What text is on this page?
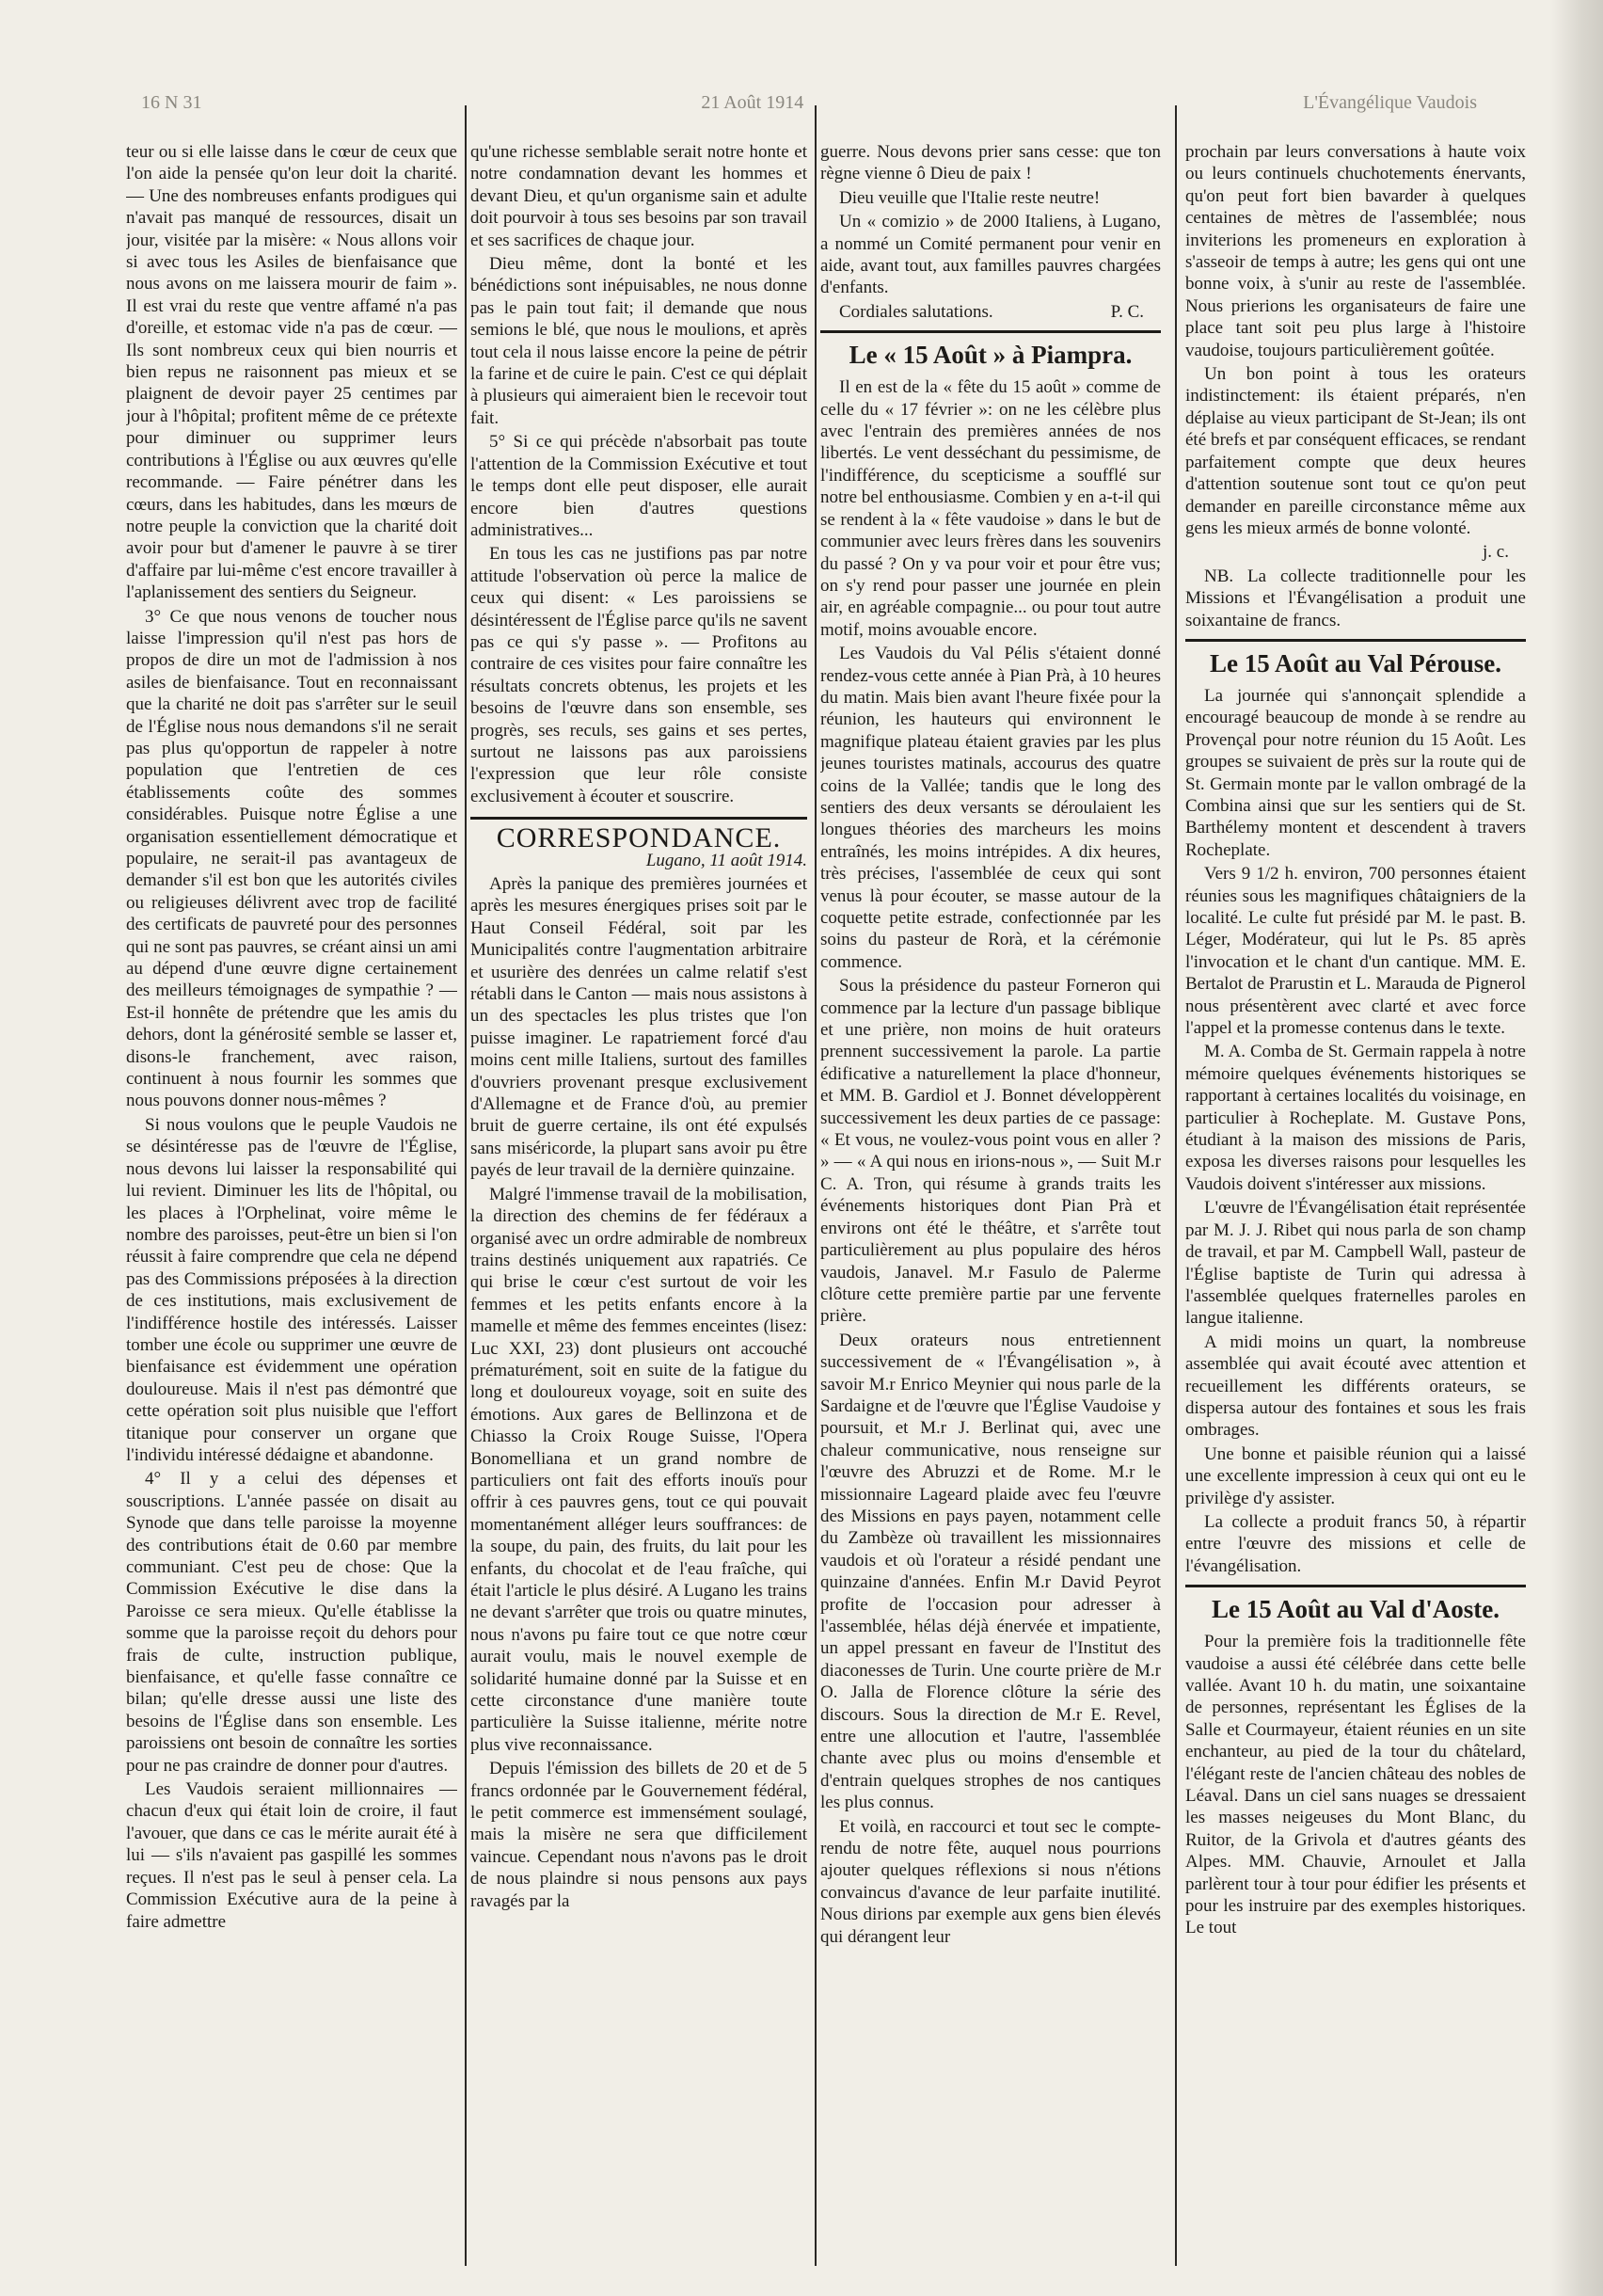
16 N 31	21 Août 1914	L'Évangélique Vaudois

teur ou si elle laisse dans le cœur de ceux que l'on aide la pensée qu'on leur doit la charité. — Une des nombreuses enfants prodigues qui n'avait pas manqué de ressources, disait un jour, visitée par la misère: « Nous allons voir si avec tous les Asiles de bienfaisance que nous avons on me laissera mourir de faim ». Il est vrai du reste que ventre affamé n'a pas d'oreille, et estomac vide n'a pas de cœur. — Ils sont nombreux ceux qui bien nourris et bien repus ne raisonnent pas mieux et se plaignent de devoir payer 25 centimes par jour à l'hôpital; profitent même de ce prétexte pour diminuer ou supprimer leurs contributions à l'Église ou aux œuvres qu'elle recommande. — Faire pénétrer dans les cœurs, dans les habitudes, dans les mœurs de notre peuple la conviction que la charité doit avoir pour but d'amener le pauvre à se tirer d'affaire par lui-même c'est encore travailler à l'aplanissement des sentiers du Seigneur.

3° Ce que nous venons de toucher nous laisse l'impression qu'il n'est pas hors de propos de dire un mot de l'admission à nos asiles de bienfaisance. Tout en reconnaissant que la charité ne doit pas s'arrêter sur le seuil de l'Église nous nous demandons s'il ne serait pas plus qu'opportun de rappeler à notre population que l'entretien de ces établissements coûte des sommes considérables. Puisque notre Église a une organisation essentiellement démocratique et populaire, ne serait-il pas avantageux de demander s'il est bon que les autorités civiles ou religieuses délivrent avec trop de facilité des certificats de pauvreté pour des personnes qui ne sont pas pauvres, se créant ainsi un ami au dépend d'une œuvre digne certainement des meilleurs témoignages de sympathie ? — Est-il honnête de prétendre que les amis du dehors, dont la générosité semble se lasser et, disons-le franchement, avec raison, continuent à nous fournir les sommes que nous pouvons donner nous-mêmes ?

Si nous voulons que le peuple Vaudois ne se désintéresse pas de l'œuvre de l'Église, nous devons lui laisser la responsabilité qui lui revient. Diminuer les lits de l'hôpital, ou les places à l'Orphelinat, voire même le nombre des paroisses, peut-être un bien si l'on réussit à faire comprendre que cela ne dépend pas des Commissions préposées à la direction de ces institutions, mais exclusivement de l'indifférence hostile des intéressés. Laisser tomber une école ou supprimer une œuvre de bienfaisance est évidemment une opération douloureuse. Mais il n'est pas démontré que cette opération soit plus nuisible que l'effort titanique pour conserver un organe que l'individu intéressé dédaigne et abandonne.

4° Il y a celui des dépenses et souscriptions. L'année passée on disait au Synode que dans telle paroisse la moyenne des contributions était de 0.60 par membre communiant. C'est peu de chose: Que la Commission Exécutive le dise dans la Paroisse ce sera mieux. Qu'elle établisse la somme que la paroisse reçoit du dehors pour frais de culte, instruction publique, bienfaisance, et qu'elle fasse connaître ce bilan; qu'elle dresse aussi une liste des besoins de l'Église dans son ensemble. Les paroissiens ont besoin de connaître les sorties pour ne pas craindre de donner pour d'autres.

Les Vaudois seraient millionnaires — chacun d'eux qui était loin de croire, il faut l'avouer, que dans ce cas le mérite aurait été à lui — s'ils n'avaient pas gaspillé les sommes reçues. Il n'est pas le seul à penser cela. La Commission Exécutive aura de la peine à faire admettre

qu'une richesse semblable serait notre honte et notre condamnation devant les hommes et devant Dieu, et qu'un organisme sain et adulte doit pourvoir à tous ses besoins par son travail et ses sacrifices de chaque jour.

Dieu même, dont la bonté et les bénédictions sont inépuisables, ne nous donne pas le pain tout fait; il demande que nous semions le blé, que nous le moulions, et après tout cela il nous laisse encore la peine de pétrir la farine et de cuire le pain. C'est ce qui déplait à plusieurs qui aimeraient bien le recevoir tout fait.

5° Si ce qui précède n'absorbait pas toute l'attention de la Commission Exécutive et tout le temps dont elle peut disposer, elle aurait encore bien d'autres questions administratives...

En tous les cas ne justifions pas par notre attitude l'observation où perce la malice de ceux qui disent: « Les paroissiens se désintéressent de l'Église parce qu'ils ne savent pas ce qui s'y passe ». — Profitons au contraire de ces visites pour faire connaître les résultats concrets obtenus, les projets et les besoins de l'œuvre dans son ensemble, ses progrès, ses reculs, ses gains et ses pertes, surtout ne laissons pas aux paroissiens l'expression que leur rôle consiste exclusivement à écouter et souscrire.

CORRESPONDANCE.

Lugano, 11 août 1914.

Après la panique des premières journées et après les mesures énergiques prises soit par le Haut Conseil Fédéral, soit par les Municipalités contre l'augmentation arbitraire et usurière des denrées un calme relatif s'est rétabli dans le Canton — mais nous assistons à un des spectacles les plus tristes que l'on puisse imaginer. Le rapatriement forcé d'au moins cent mille Italiens, surtout des familles d'ouvriers provenant presque exclusivement d'Allemagne et de France d'où, au premier bruit de guerre certaine, ils ont été expulsés sans miséricorde, la plupart sans avoir pu être payés de leur travail de la dernière quinzaine.

Malgré l'immense travail de la mobilisation, la direction des chemins de fer fédéraux a organisé avec un ordre admirable de nombreux trains destinés uniquement aux rapatriés. Ce qui brise le cœur c'est surtout de voir les femmes et les petits enfants encore à la mamelle et même des femmes enceintes (lisez: Luc XXI, 23) dont plusieurs ont accouché prématurément, soit en suite de la fatigue du long et douloureux voyage, soit en suite des émotions. Aux gares de Bellinzona et de Chiasso la Croix Rouge Suisse, l'Opera Bonomelliana et un grand nombre de particuliers ont fait des efforts inouïs pour offrir à ces pauvres gens, tout ce qui pouvait momentanément alléger leurs souffrances: de la soupe, du pain, des fruits, du lait pour les enfants, du chocolat et de l'eau fraîche, qui était l'article le plus désiré. A Lugano les trains ne devant s'arrêter que trois ou quatre minutes, nous n'avons pu faire tout ce que notre cœur aurait voulu, mais le nouvel exemple de solidarité humaine donné par la Suisse et en cette circonstance d'une manière toute particulière la Suisse italienne, mérite notre plus vive reconnaissance.

Depuis l'émission des billets de 20 et de 5 francs ordonnée par le Gouvernement fédéral, le petit commerce est immensément soulagé, mais la misère ne sera que difficilement vaincue. Cependant nous n'avons pas le droit de nous plaindre si nous pensons aux pays ravagés par la

guerre. Nous devons prier sans cesse: que ton règne vienne ô Dieu de paix !

Dieu veuille que l'Italie reste neutre!

Un « comizio » de 2000 Italiens, à Lugano, a nommé un Comité permanent pour venir en aide, avant tout, aux familles pauvres chargées d'enfants.

Cordiales salutations.	P. C.

Le « 15 Août » à Piampra.

Il en est de la « fête du 15 août » comme de celle du « 17 février »: on ne les célèbre plus avec l'entrain des premières années de nos libertés. Le vent desséchant du pessimisme, de l'indifférence, du scepticisme a soufflé sur notre bel enthousiasme. Combien y en a-t-il qui se rendent à la « fête vaudoise » dans le but de communier avec leurs frères dans les souvenirs du passé ? On y va pour voir et pour être vus; on s'y rend pour passer une journée en plein air, en agréable compagnie... ou pour tout autre motif, moins avouable encore.

Les Vaudois du Val Pélis s'étaient donné rendez-vous cette année à Pian Prà, à 10 heures du matin. Mais bien avant l'heure fixée pour la réunion, les hauteurs qui environnent le magnifique plateau étaient gravies par les plus jeunes touristes matinals, accourus des quatre coins de la Vallée; tandis que le long des sentiers des deux versants se déroulaient les longues théories des marcheurs les moins entraînés, les moins intrépides. A dix heures, très précises, l'assemblée de ceux qui sont venus là pour écouter, se masse autour de la coquette petite estrade, confectionnée par les soins du pasteur de Rorà, et la cérémonie commence.

Sous la présidence du pasteur Forneron qui commence par la lecture d'un passage biblique et une prière, non moins de huit orateurs prennent successivement la parole. La partie édificative a naturellement la place d'honneur, et MM. B. Gardiol et J. Bonnet développèrent successivement les deux parties de ce passage: « Et vous, ne voulez-vous point vous en aller ? » — « A qui nous en irions-nous », — Suit M.r C. A. Tron, qui résume à grands traits les événements historiques dont Pian Prà et environs ont été le théâtre, et s'arrête tout particulièrement au plus populaire des héros vaudois, Janavel. M.r Fasulo de Palerme clôture cette première partie par une fervente prière.

Deux orateurs nous entretiennent successivement de « l'Évangélisation », à savoir M.r Enrico Meynier qui nous parle de la Sardaigne et de l'œuvre que l'Église Vaudoise y poursuit, et M.r J. Berlinat qui, avec une chaleur communicative, nous renseigne sur l'œuvre des Abruzzi et de Rome. M.r le missionnaire Lageard plaide avec feu l'œuvre des Missions en pays payen, notamment celle du Zambèze où travaillent les missionnaires vaudois et où l'orateur a résidé pendant une quinzaine d'années. Enfin M.r David Peyrot profite de l'occasion pour adresser à l'assemblée, hélas déjà énervée et impatiente, un appel pressant en faveur de l'Institut des diaconesses de Turin. Une courte prière de M.r O. Jalla de Florence clôture la série des discours. Sous la direction de M.r E. Revel, entre une allocution et l'autre, l'assemblée chante avec plus ou moins d'ensemble et d'entrain quelques strophes de nos cantiques les plus connus.

Et voilà, en raccourci et tout sec le compte-rendu de notre fête, auquel nous pourrions ajouter quelques réflexions si nous n'étions convaincus d'avance de leur parfaite inutilité. Nous dirions par exemple aux gens bien élevés qui dérangent leur

prochain par leurs conversations à haute voix ou leurs continuels chuchotements énervants, qu'on peut fort bien bavarder à quelques centaines de mètres de l'assemblée; nous inviterions les promeneurs en exploration à s'asseoir de temps à autre; les gens qui ont une bonne voix, à s'unir au reste de l'assemblée. Nous prierions les organisateurs de faire une place tant soit peu plus large à l'histoire vaudoise, toujours particulièrement goûtée.

Un bon point à tous les orateurs indistinctement: ils étaient préparés, n'en déplaise au vieux participant de St-Jean; ils ont été brefs et par conséquent efficaces, se rendant parfaitement compte que deux heures d'attention soutenue sont tout ce qu'on peut demander en pareille circonstance même aux gens les mieux armés de bonne volonté.

j. c.

NB. La collecte traditionnelle pour les Missions et l'Évangélisation a produit une soixantaine de francs.

Le 15 Août au Val Pérouse.

La journée qui s'annonçait splendide a encouragé beaucoup de monde à se rendre au Provençal pour notre réunion du 15 Août. Les groupes se suivaient de près sur la route qui de St. Germain monte par le vallon ombragé de la Combina ainsi que sur les sentiers qui de St. Barthélemy montent et descendent à travers Rocheplate.

Vers 9 1/2 h. environ, 700 personnes étaient réunies sous les magnifiques châtaigniers de la localité. Le culte fut présidé par M. le past. B. Léger, Modérateur, qui lut le Ps. 85 après l'invocation et le chant d'un cantique. MM. E. Bertalot de Prarustin et L. Marauda de Pignerol nous présentèrent avec clarté et avec force l'appel et la promesse contenus dans le texte.

M. A. Comba de St. Germain rappela à notre mémoire quelques événements historiques se rapportant à certaines localités du voisinage, en particulier à Rocheplate. M. Gustave Pons, étudiant à la maison des missions de Paris, exposa les diverses raisons pour lesquelles les Vaudois doivent s'intéresser aux missions.

L'œuvre de l'Évangélisation était représentée par M. J. J. Ribet qui nous parla de son champ de travail, et par M. Campbell Wall, pasteur de l'Église baptiste de Turin qui adressa à l'assemblée quelques fraternelles paroles en langue italienne.

A midi moins un quart, la nombreuse assemblée qui avait écouté avec attention et recueillement les différents orateurs, se dispersa autour des fontaines et sous les frais ombrages.

Une bonne et paisible réunion qui a laissé une excellente impression à ceux qui ont eu le privilège d'y assister.

La collecte a produit francs 50, à répartir entre l'œuvre des missions et celle de l'évangélisation.

Le 15 Août au Val d'Aoste.

Pour la première fois la traditionnelle fête vaudoise a aussi été célébrée dans cette belle vallée. Avant 10 h. du matin, une soixantaine de personnes, représentant les Églises de la Salle et Courmayeur, étaient réunies en un site enchanteur, au pied de la tour du châtelard, l'élégant reste de l'ancien château des nobles de Léaval. Dans un ciel sans nuages se dressaient les masses neigeuses du Mont Blanc, du Ruitor, de la Grivola et d'autres géants des Alpes. MM. Chauvie, Arnoulet et Jalla parlèrent tour à tour pour édifier les présents et pour les instruire par des exemples historiques. Le tout
